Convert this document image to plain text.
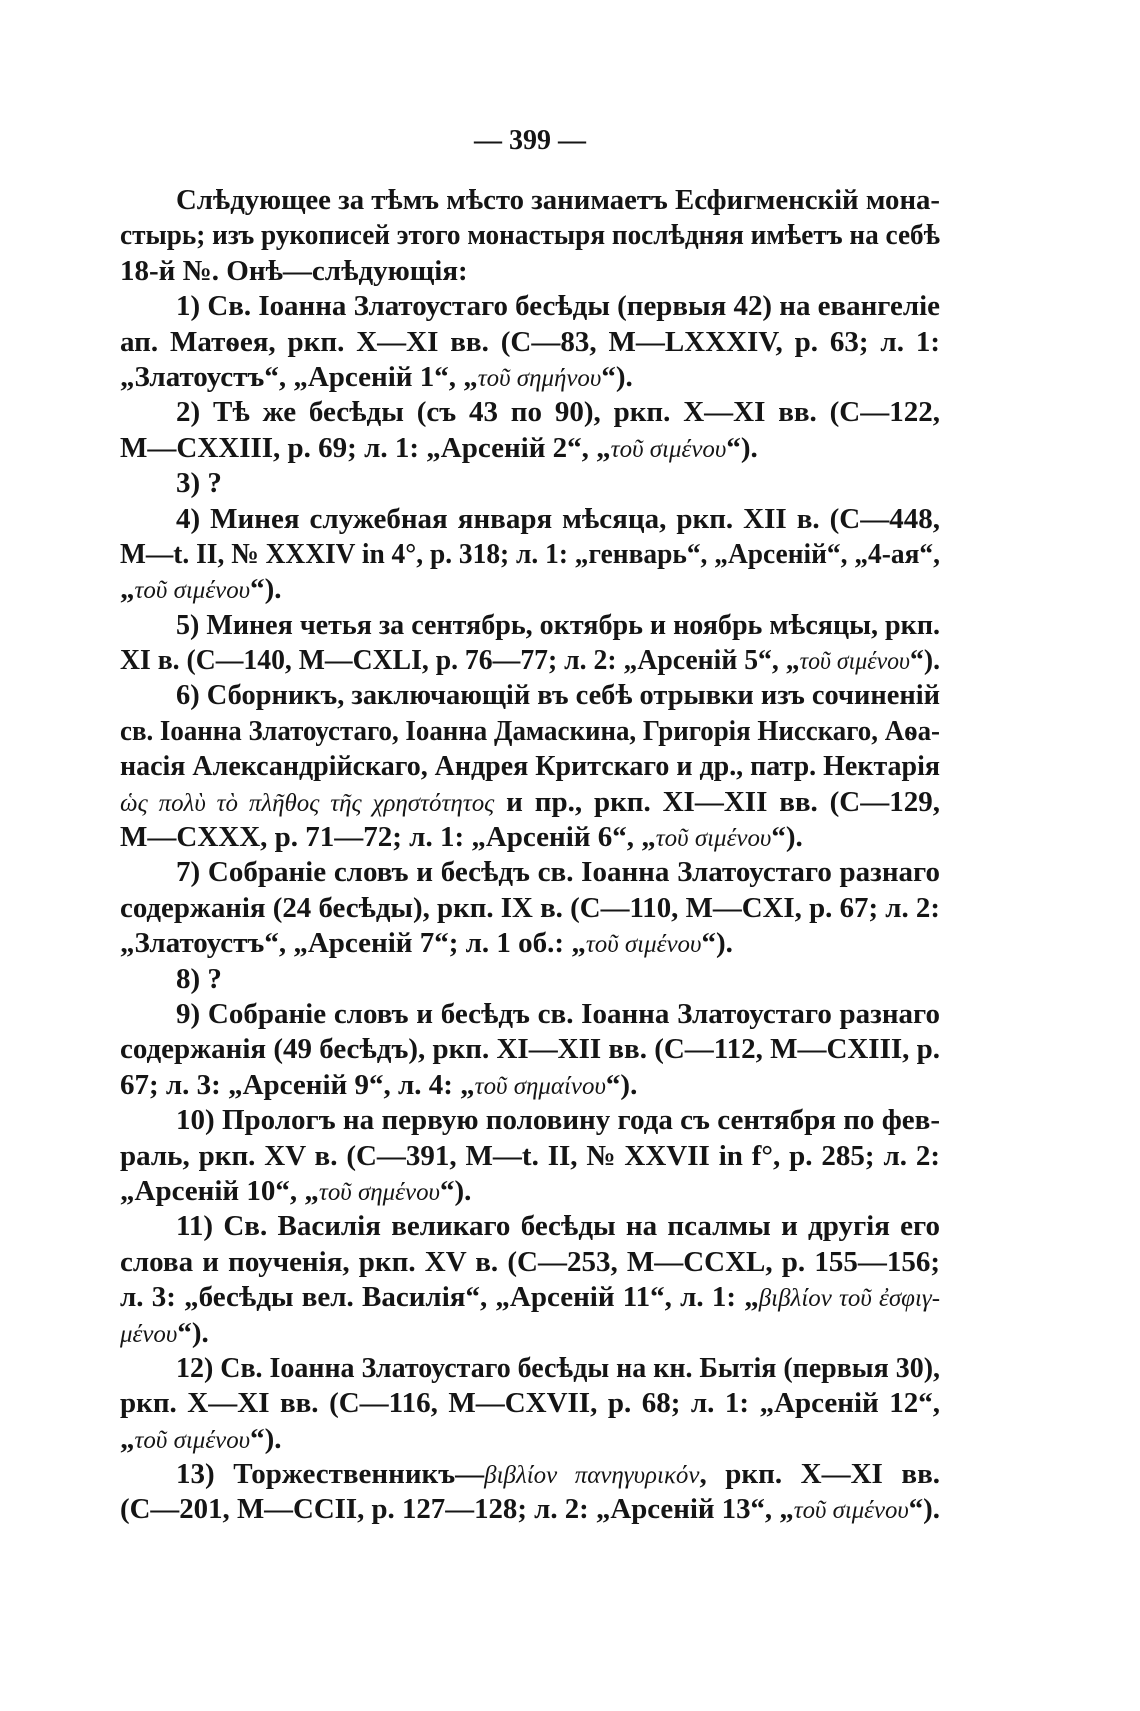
— 399 —
Слѣдующее за тѣмъ мѣсто занимаетъ Есфигменскій мона-
стырь; изъ рукописей этого монастыря послѣдняя имѣетъ на себѣ
18-й №. Онѣ—слѣдующія:
1) Св. Іоанна Златоустаго бесѣды (первыя 42) на евангеліе
ап. Матѳея, ркп. X—XI вв. (С—83, М—LXXXIV, p. 63; л. 1:
„Златоустъ“, „Арсеній 1“, „τοῦ σημήνου“).
2) Тѣ же бесѣды (съ 43 по 90), ркп. X—XI вв. (С—122,
М—CXXIII, p. 69; л. 1: „Арсеній 2“, „τοῦ σιμένου“).
3) ?
4) Минея служебная января мѣсяца, ркп. XII в. (С—448,
М—t. II, № XXXIV in 4°, p. 318; л. 1: „генварь“, „Арсеній“, „4-ая“,
„τοῦ σιμένου“).
5) Минея четья за сентябрь, октябрь и ноябрь мѣсяцы, ркп.
XI в. (С—140, М—CXLI, p. 76—77; л. 2: „Арсеній 5“, „τοῦ σιμένου“).
6) Сборникъ, заключающій въ себѣ отрывки изъ сочиненій
св. Іоанна Златоустаго, Іоанна Дамаскина, Григорія Нисскаго, Аѳа-
насія Александрійскаго, Андрея Критскаго и др., патр. Нектарія
ὡς πολὺ τὸ πλῆθος τῆς χρηστότητος и пр., ркп. XI—XII вв. (С—129,
М—CXXX, p. 71—72; л. 1: „Арсеній 6“, „τοῦ σιμένου“).
7) Собраніе словъ и бесѣдъ св. Іоанна Златоустаго разнаго
содержанія (24 бесѣды), ркп. IX в. (С—110, М—CXI, p. 67; л. 2:
„Златоустъ“, „Арсеній 7“; л. 1 об.: „τοῦ σιμένου“).
8) ?
9) Собраніе словъ и бесѣдъ св. Іоанна Златоустаго разнаго
содержанія (49 бесѣдъ), ркп. XI—XII вв. (С—112, М—CXIII, p.
67; л. 3: „Арсеній 9“, л. 4: „τοῦ σημαίνου“).
10) Прологъ на первую половину года съ сентября по фев-
раль, ркп. XV в. (С—391, М—t. II, № XXVII in f°, p. 285; л. 2:
„Арсеній 10“, „τοῦ σημένου“).
11) Св. Василія великаго бесѣды на псалмы и другія его
слова и поученія, ркп. XV в. (С—253, М—CCXL, p. 155—156;
л. 3: „бесѣды вел. Василія“, „Арсеній 11“, л. 1: „βιβλίον τοῦ ἐσφιγ-
μένου“).
12) Св. Іоанна Златоустаго бесѣды на кн. Бытія (первыя 30),
ркп. X—XI вв. (С—116, М—CXVII, p. 68; л. 1: „Арсеній 12“,
„τοῦ σιμένου“).
13) Торжественникъ—βιβλίον πανηγυρικόν, ркп. X—XI вв.
(С—201, М—CCII, p. 127—128; л. 2: „Арсеній 13“, „τοῦ σιμένου“).
